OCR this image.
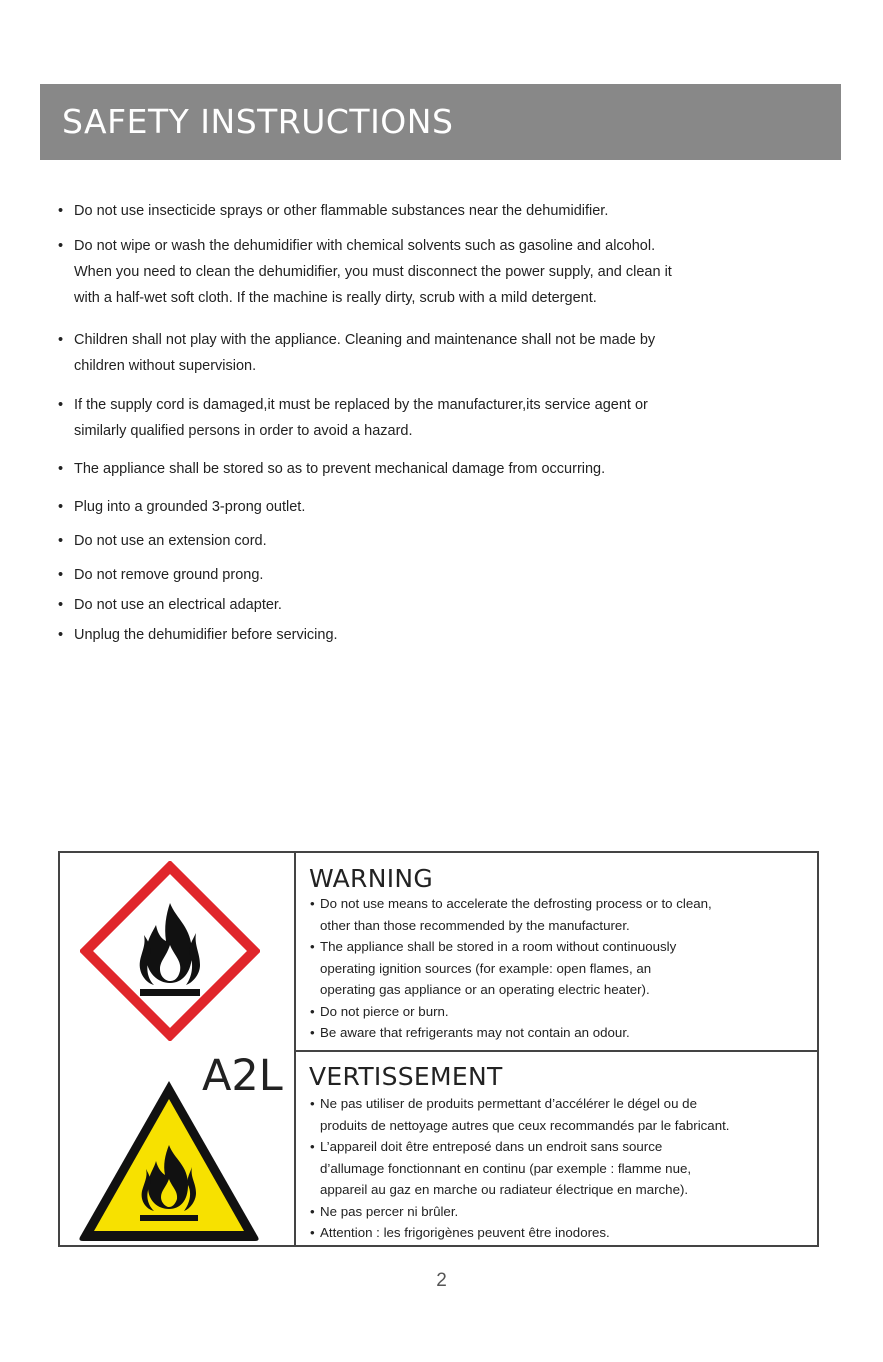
SAFETY INSTRUCTIONS
• Do not use insecticide sprays or other flammable substances near the dehumidifier.
• Do not wipe or wash the dehumidifier with chemical solvents such as gasoline and alcohol.
When you need to clean the dehumidifier, you must disconnect the power supply, and clean it
with a half-wet soft cloth. If the machine is really dirty, scrub with a mild detergent.
• Children shall not play with the appliance. Cleaning and maintenance shall not be made by
children without supervision.
• If the supply cord is damaged,it must be replaced by the manufacturer,its service agent or
similarly qualified persons in order to avoid a hazard.
• The appliance shall be stored so as to prevent mechanical damage from occurring.
• Plug into a grounded 3-prong outlet.
• Do not use an extension cord.
• Do not remove ground prong.
• Do not use an electrical adapter.
• Unplug the dehumidifier before servicing.
A2L
WARNING
• Do not use means to accelerate the defrosting process or to clean,
other than those recommended by the manufacturer.
• The appliance shall be stored in a room without continuously
operating ignition sources (for example: open flames, an
operating gas appliance or an operating electric heater).
• Do not pierce or burn.
• Be aware that refrigerants may not contain an odour.
VERTISSEMENT
• Ne pas utiliser de produits permettant d’accélérer le dégel ou de
produits de nettoyage autres que ceux recommandés par le fabricant.
• L’appareil doit être entreposé dans un endroit sans source
d’allumage fonctionnant en continu (par exemple : flamme nue,
appareil au gaz en marche ou radiateur électrique en marche).
• Ne pas percer ni brûler.
• Attention : les frigorigènes peuvent être inodores.
2
